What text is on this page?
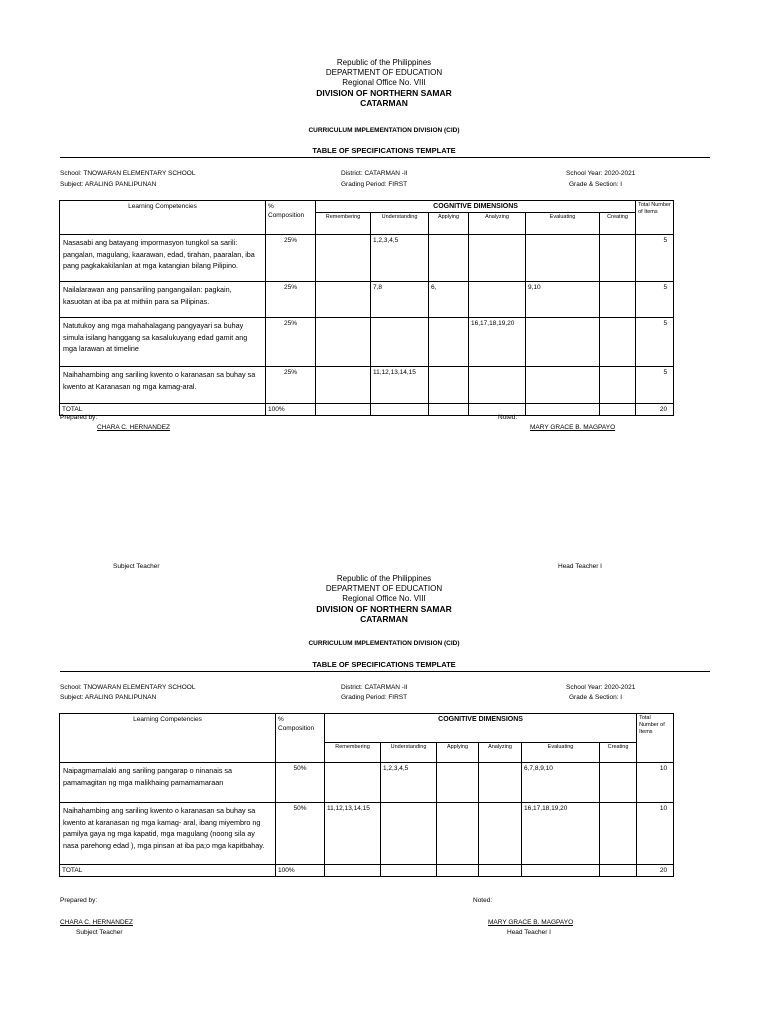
Republic of the Philippines
DEPARTMENT OF EDUCATION
Regional Office No. VIII
DIVISION OF NORTHERN SAMAR
CATARMAN
CURRICULUM IMPLEMENTATION DIVISION (CID)
TABLE OF SPECIFICATIONS TEMPLATE
School: TNOWARAN ELEMENTARY SCHOOL
Subject: ARALING PANLIPUNAN
District: CATARMAN -II
Grading Period: FIRST
School Year: 2020-2021
Grade & Section: I
Learning Competencies	%
Composition	COGNITIVE DIMENSIONS						Total Number of Items
		Remembering	Understanding	Applying	Analyzing	Evaluating	Creating	
Nasasabi ang batayang impormasyon tungkol sa sarili: pangalan, magulang, kaarawan, edad, tirahan, paaralan, iba pang pagkakakilanlan at mga katangian bilang Pilipino.	25%		1,2,3,4,5					5
Nailalarawan ang pansariling pangangailan: pagkain, kasuotan at iba pa at mithiin para sa Pilipinas.	25%		7,8	6,		9,10		5
Natutukoy ang mga mahahalagang pangyayari sa buhay simula isilang hanggang sa kasalukuyang edad gamit ang mga larawan at timeline	25%				16,17,18,19,20			5
Naihahambing ang sariling kwento o karanasan sa buhay sa kwento at Karanasan ng mga kamag-aral.	25%		11,12,13,14,15					5
TOTAL	100%							20
Prepared by:	Noted:
CHARA C. HERNANDEZ	MARY GRACE B. MAGPAYO
Subject Teacher	Head Teacher I
Republic of the Philippines
DEPARTMENT OF EDUCATION
Regional Office No. VIII
DIVISION OF NORTHERN SAMAR
CATARMAN
CURRICULUM IMPLEMENTATION DIVISION (CID)
TABLE OF SPECIFICATIONS TEMPLATE
School: TNOWARAN ELEMENTARY SCHOOL
Subject: ARALING PANLIPUNAN
District: CATARMAN -II
Grading Period: FIRST
School Year: 2020-2021
Grade & Section: I
Learning Competencies	%
Composition	COGNITIVE DIMENSIONS						Total Number of Items
		Remembering	Understanding	Applying	Analyzing	Evaluating	Creating	
Naipagmamalaki ang sariling pangarap o ninanais sa pamamagitan ng mga malikhaing pamamamaraan	50%		1,2,3,4,5			6,7,8,9,10		10
Naihahambing ang sariling kwento o karanasan sa buhay sa kwento at karanasan ng mga kamag- aral, ibang miyembro ng pamilya gaya ng mga kapatid, mga magulang (noong sila ay nasa parehong edad ), mga pinsan at iba pa;o mga kapitbahay.	50%	11,12,13,14,15				16,17,18,19,20		10
TOTAL	100%							20
Prepared by:	Noted:
CHARA C. HERNANDEZ	MARY GRACE B. MAGPAYO
Subject Teacher	Head Teacher I
